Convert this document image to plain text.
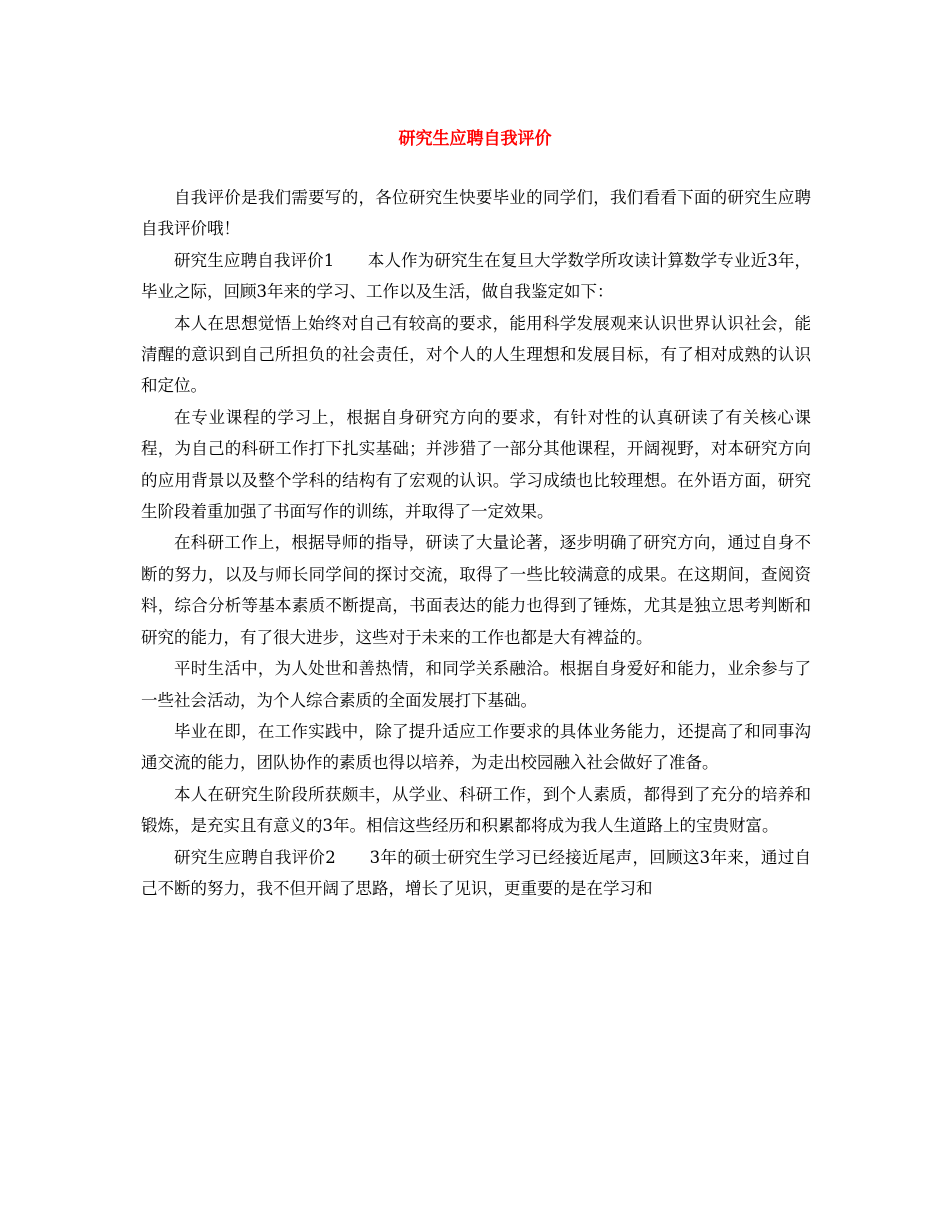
研究生应聘自我评价

自我评价是我们需要写的，各位研究生快要毕业的同学们，我们看看下面的研究生应聘自我评价哦！

研究生应聘自我评价1　　本人作为研究生在复旦大学数学所攻读计算数学专业近3年，毕业之际，回顾3年来的学习、工作以及生活，做自我鉴定如下：

本人在思想觉悟上始终对自己有较高的要求，能用科学发展观来认识世界认识社会，能清醒的意识到自己所担负的社会责任，对个人的人生理想和发展目标，有了相对成熟的认识和定位。

在专业课程的学习上，根据自身研究方向的要求，有针对性的认真研读了有关核心课程，为自己的科研工作打下扎实基础；并涉猎了一部分其他课程，开阔视野，对本研究方向的应用背景以及整个学科的结构有了宏观的认识。学习成绩也比较理想。在外语方面，研究生阶段着重加强了书面写作的训练，并取得了一定效果。

在科研工作上，根据导师的指导，研读了大量论著，逐步明确了研究方向，通过自身不断的努力，以及与师长同学间的探讨交流，取得了一些比较满意的成果。在这期间，查阅资料，综合分析等基本素质不断提高，书面表达的能力也得到了锤炼，尤其是独立思考判断和研究的能力，有了很大进步，这些对于未来的工作也都是大有裨益的。

平时生活中，为人处世和善热情，和同学关系融洽。根据自身爱好和能力，业余参与了一些社会活动，为个人综合素质的全面发展打下基础。

毕业在即，在工作实践中，除了提升适应工作要求的具体业务能力，还提高了和同事沟通交流的能力，团队协作的素质也得以培养，为走出校园融入社会做好了准备。

本人在研究生阶段所获颇丰，从学业、科研工作，到个人素质，都得到了充分的培养和锻炼，是充实且有意义的3年。相信这些经历和积累都将成为我人生道路上的宝贵财富。

研究生应聘自我评价2　　3年的硕士研究生学习已经接近尾声，回顾这3年来，通过自己不断的努力，我不但开阔了思路，增长了见识，更重要的是在学习和
